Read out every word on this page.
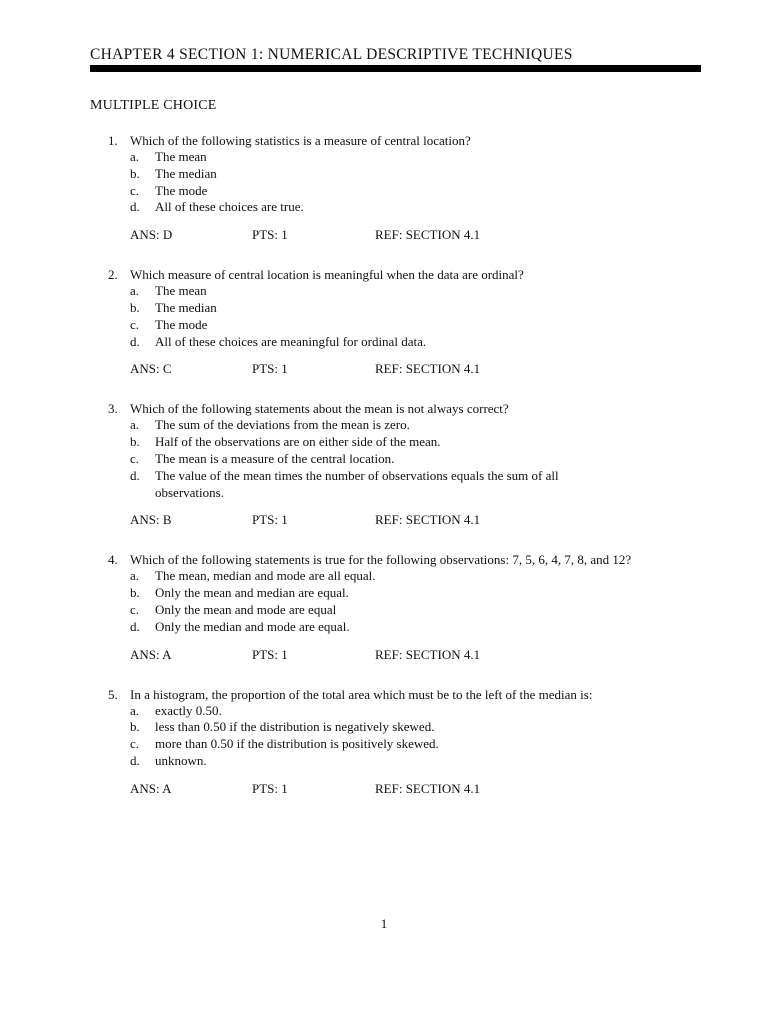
CHAPTER 4 SECTION 1: NUMERICAL DESCRIPTIVE TECHNIQUES
MULTIPLE CHOICE
1. Which of the following statistics is a measure of central location?
a.	The mean
b.	The median
c.	The mode
d.	All of these choices are true.
ANS: D	PTS: 1	REF: SECTION 4.1
2. Which measure of central location is meaningful when the data are ordinal?
a.	The mean
b.	The median
c.	The mode
d.	All of these choices are meaningful for ordinal data.
ANS: C	PTS: 1	REF: SECTION 4.1
3. Which of the following statements about the mean is not always correct?
a.	The sum of the deviations from the mean is zero.
b.	Half of the observations are on either side of the mean.
c.	The mean is a measure of the central location.
d.	The value of the mean times the number of observations equals the sum of all observations.
ANS: B	PTS: 1	REF: SECTION 4.1
4. Which of the following statements is true for the following observations: 7, 5, 6, 4, 7, 8, and 12?
a.	The mean, median and mode are all equal.
b.	Only the mean and median are equal.
c.	Only the mean and mode are equal
d.	Only the median and mode are equal.
ANS: A	PTS: 1	REF: SECTION 4.1
5. In a histogram, the proportion of the total area which must be to the left of the median is:
a.	exactly 0.50.
b.	less than 0.50 if the distribution is negatively skewed.
c.	more than 0.50 if the distribution is positively skewed.
d.	unknown.
ANS: A	PTS: 1	REF: SECTION 4.1
1
